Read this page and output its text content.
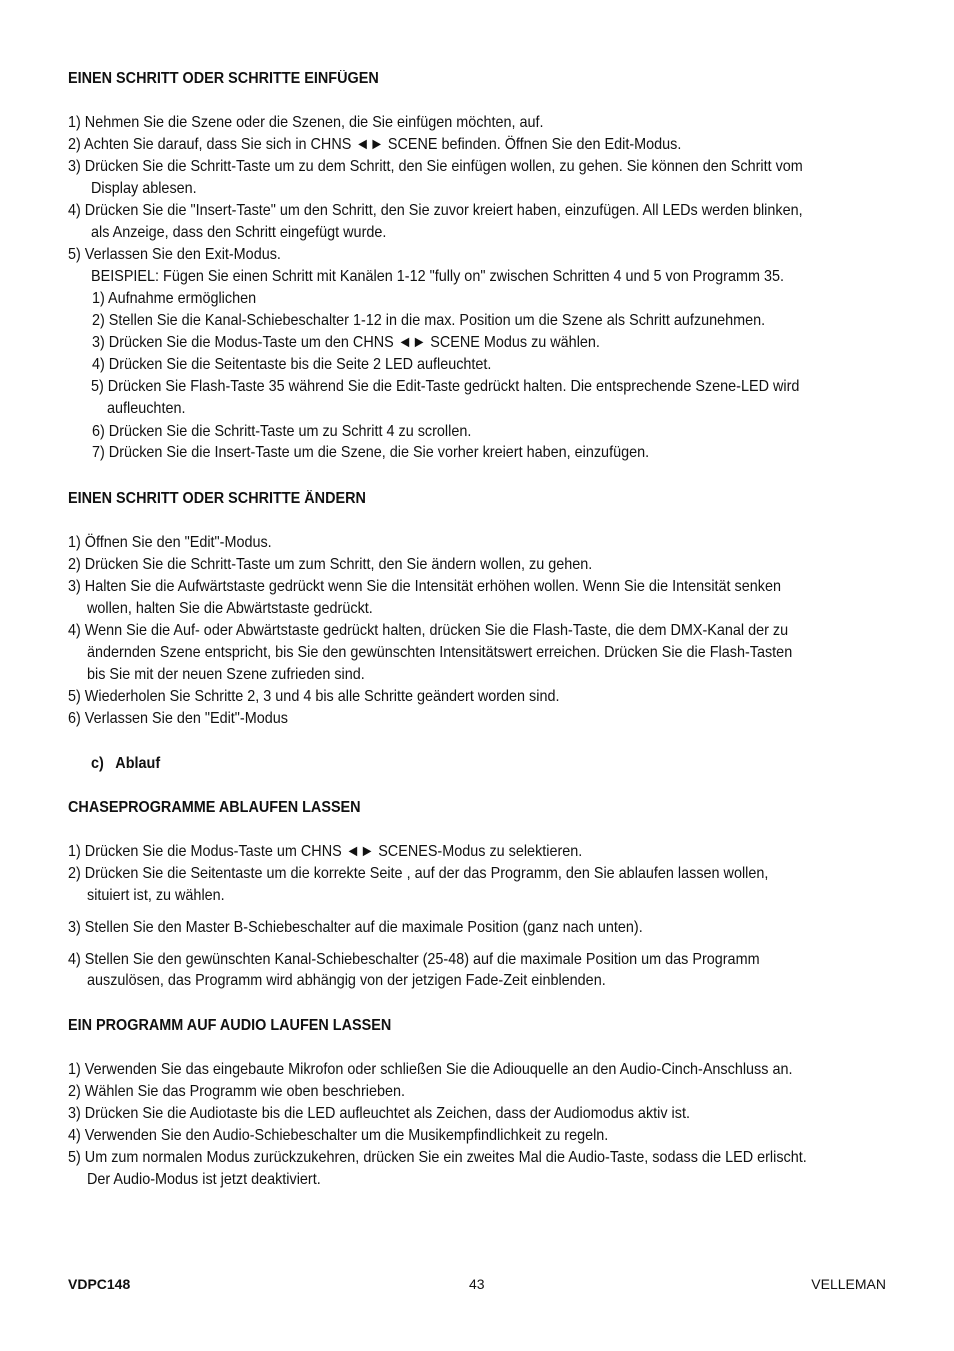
EINEN SCHRITT ODER SCHRITTE EINFÜGEN
1) Nehmen Sie die Szene oder die Szenen, die Sie einfügen möchten, auf.
2) Achten Sie darauf, dass Sie sich in CHNS ◄► SCENE befinden. Öffnen Sie den Edit-Modus.
3) Drücken Sie die Schritt-Taste um zu dem Schritt, den Sie einfügen wollen, zu gehen. Sie können den Schritt vom
Display ablesen.
4) Drücken Sie die "Insert-Taste" um den Schritt, den Sie zuvor kreiert haben, einzufügen. All LEDs werden blinken,
als Anzeige, dass den Schritt eingefügt wurde.
5) Verlassen Sie den Exit-Modus.
BEISPIEL: Fügen Sie einen Schritt mit Kanälen 1-12 "fully on" zwischen Schritten 4 und 5 von Programm 35.
1) Aufnahme ermöglichen
2) Stellen Sie die Kanal-Schiebeschalter 1-12 in die max. Position um die Szene als Schritt aufzunehmen.
3) Drücken Sie die Modus-Taste um den CHNS ◄► SCENE Modus zu wählen.
4) Drücken Sie die Seitentaste bis die Seite 2 LED aufleuchtet.
5) Drücken Sie Flash-Taste 35 während Sie die Edit-Taste gedrückt halten. Die entsprechende Szene-LED wird
aufleuchten.
6) Drücken Sie die Schritt-Taste um zu Schritt 4 zu scrollen.
7) Drücken Sie die Insert-Taste um die Szene, die Sie vorher kreiert haben, einzufügen.
EINEN SCHRITT ODER SCHRITTE ÄNDERN
1) Öffnen Sie den "Edit"-Modus.
2) Drücken Sie die Schritt-Taste um zum Schritt, den Sie ändern wollen, zu gehen.
3) Halten Sie die Aufwärtstaste gedrückt wenn Sie die Intensität erhöhen wollen. Wenn Sie die Intensität senken
wollen, halten Sie die Abwärtstaste gedrückt.
4) Wenn Sie die Auf- oder Abwärtstaste gedrückt halten, drücken Sie die Flash-Taste, die dem DMX-Kanal der zu
ändernden Szene entspricht, bis Sie den gewünschten Intensitätswert erreichen. Drücken Sie die Flash-Tasten
bis Sie mit der neuen Szene zufrieden sind.
5) Wiederholen Sie Schritte 2, 3 und 4 bis alle Schritte geändert worden sind.
6) Verlassen Sie den "Edit"-Modus
c)   Ablauf
CHASEPROGRAMME ABLAUFEN LASSEN
1) Drücken Sie die Modus-Taste um CHNS ◄► SCENES-Modus zu selektieren.
2) Drücken Sie die Seitentaste um die korrekte Seite , auf der das Programm, den Sie ablaufen lassen wollen,
situiert ist, zu wählen.
3) Stellen Sie den Master B-Schiebeschalter auf die maximale Position (ganz nach unten).
4) Stellen Sie den gewünschten Kanal-Schiebeschalter (25-48) auf die maximale Position um das Programm
auszulösen, das Programm wird abhängig von der jetzigen Fade-Zeit einblenden.
EIN PROGRAMM AUF AUDIO LAUFEN LASSEN
1) Verwenden Sie das eingebaute Mikrofon oder schließen Sie die Adiouquelle an den Audio-Cinch-Anschluss an.
2) Wählen Sie das Programm wie oben beschrieben.
3) Drücken Sie die Audiotaste bis die LED aufleuchtet als Zeichen, dass der Audiomodus aktiv ist.
4) Verwenden Sie den Audio-Schiebeschalter um die Musikempfindlichkeit zu regeln.
5) Um zum normalen Modus zurückzukehren, drücken Sie ein zweites Mal die Audio-Taste, sodass die LED erlischt.
Der Audio-Modus ist jetzt deaktiviert.
VDPC148	43	VELLEMAN
